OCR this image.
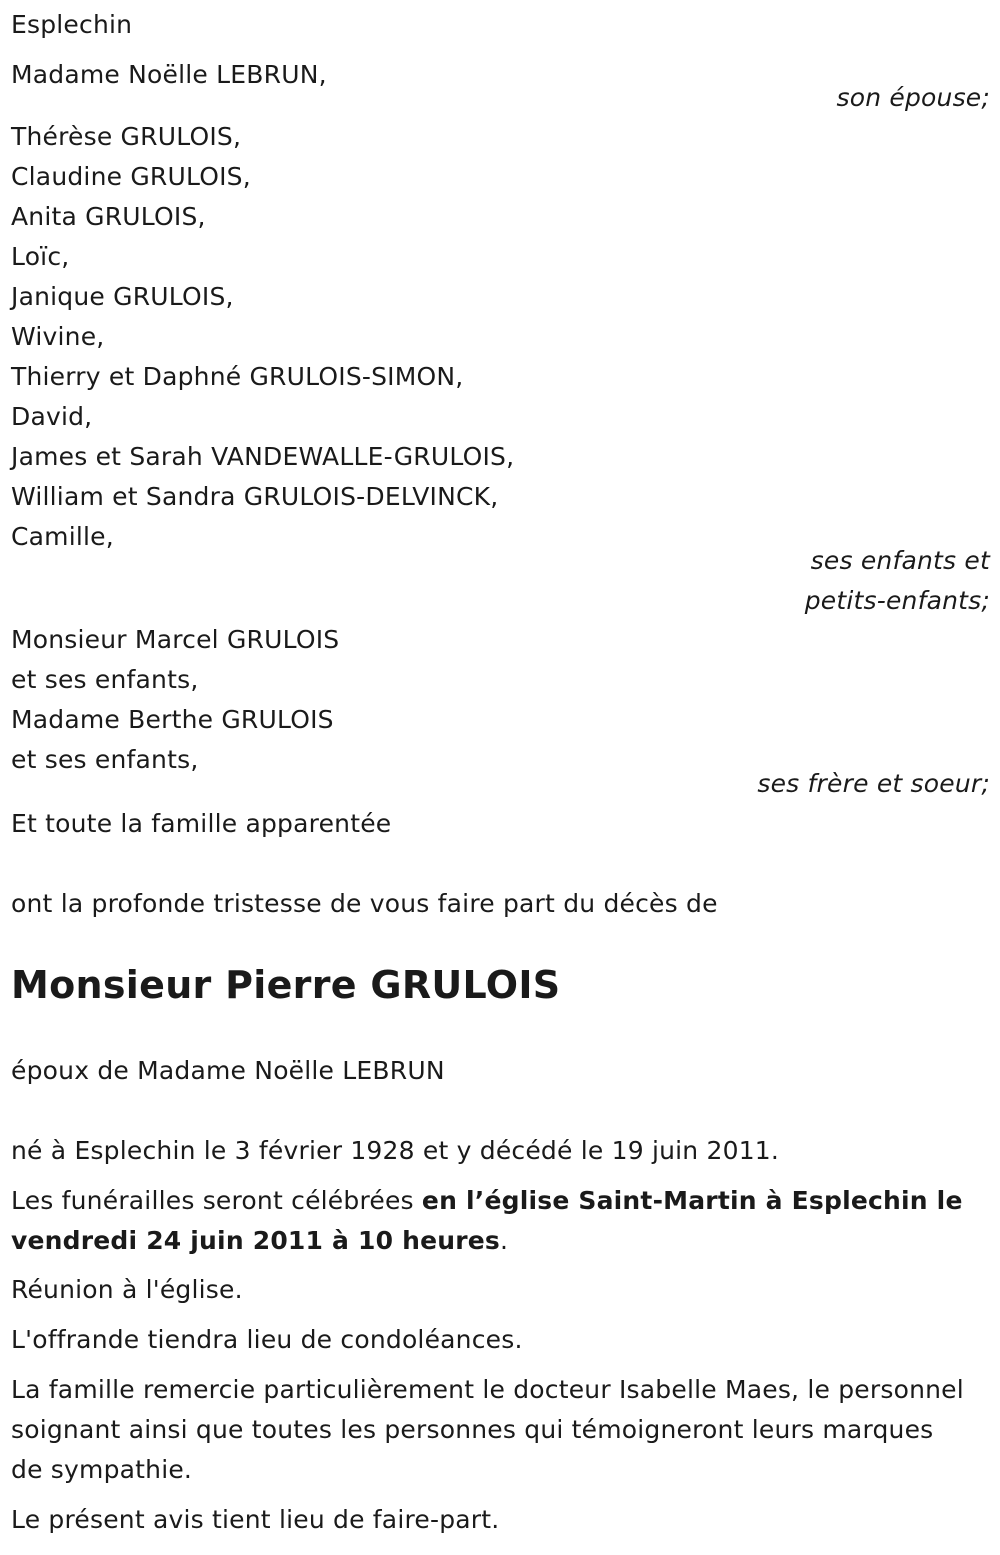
Esplechin
Madame Noëlle LEBRUN,
son épouse;
Thérèse GRULOIS,
Claudine GRULOIS,
Anita GRULOIS,
Loïc,
Janique GRULOIS,
Wivine,
Thierry et Daphné GRULOIS-SIMON,
David,
James et Sarah VANDEWALLE-GRULOIS,
William et Sandra GRULOIS-DELVINCK,
Camille,
ses enfants et
petits-enfants;
Monsieur Marcel GRULOIS
et ses enfants,
Madame Berthe GRULOIS
et ses enfants,
ses frère et soeur;
Et toute la famille apparentée
ont la profonde tristesse de vous faire part du décès de
Monsieur Pierre GRULOIS
époux de Madame Noëlle LEBRUN
né à Esplechin le 3 février 1928 et y décédé le 19 juin 2011.
Les funérailles seront célébrées en l’église Saint-Martin à Esplechin le vendredi 24 juin 2011 à 10 heures.
Réunion à l'église.
L'offrande tiendra lieu de condoléances.
La famille remercie particulièrement le docteur Isabelle Maes, le personnel soignant ainsi que toutes les personnes qui témoigneront leurs marques de sympathie.
Le présent avis tient lieu de faire-part.
